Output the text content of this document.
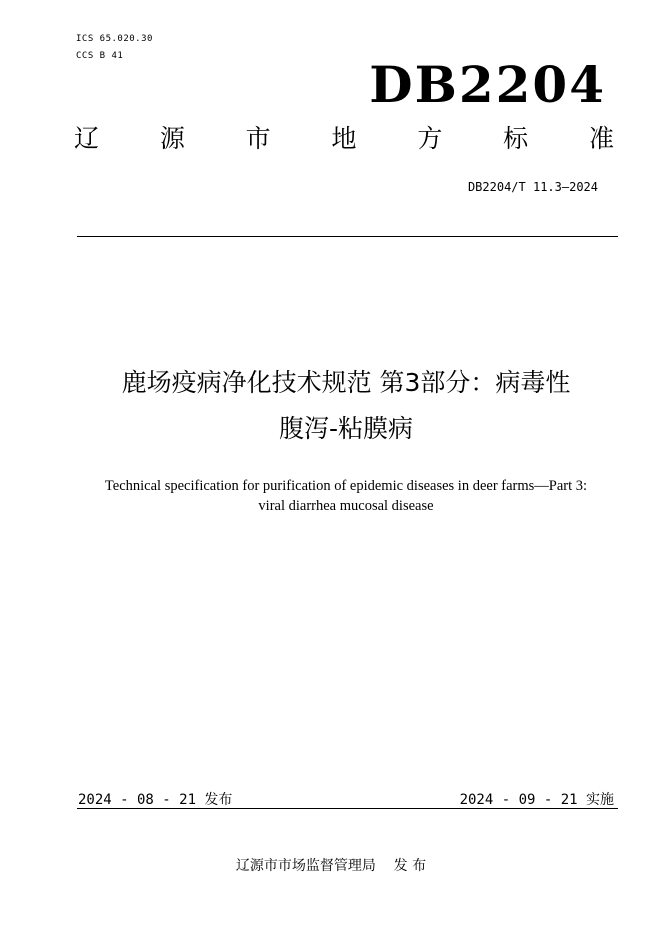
ICS 65.020.30
CCS B 41	DB2204
辽 源 市 地 方 标 准
DB2204/T 11.3—2024
鹿场疫病净化技术规范 第3部分：病毒性
腹泻-粘膜病
Technical specification for purification of epidemic diseases in deer farms—Part 3:
viral diarrhea mucosal disease
2024 - 08 - 21 发布	2024 - 09 - 21 实施
辽源市市场监督管理局    发 布
